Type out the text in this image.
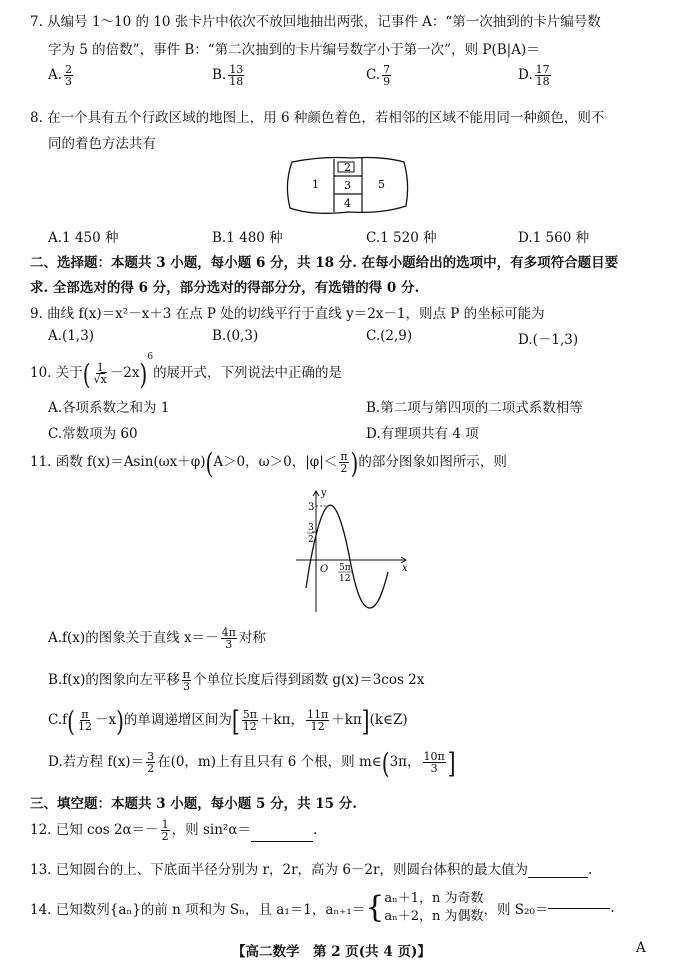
7. 从编号 1～10 的 10 张卡片中依次不放回地抽出两张，记事件 A：“第一次抽到的卡片编号数
字为 5 的倍数”，事件 B：“第二次抽到的卡片编号数字小于第一次”，则 P(B|A)＝
A. $\frac{2}{3}$	B. $\frac{13}{18}$	C. $\frac{7}{9}$	D. $\frac{17}{18}$
8. 在一个具有五个行政区域的地图上，用 6 种颜色着色，若相邻的区域不能用同一种颜色，则不
同的着色方法共有
1
2
3
4
5
A.1 450 种	B.1 480 种	C.1 520 种	D.1 560 种
二、选择题：本题共 3 小题，每小题 6 分，共 18 分. 在每小题给出的选项中，有多项符合题目要
求. 全部选对的得 6 分，部分选对的得部分分，有选错的得 0 分.
9. 曲线 f(x)＝x²－x＋3 在点 P 处的切线平行于直线 y＝2x－1，则点 P 的坐标可能为
A.(1,3)	B.(0,3)	C.(2,9)	D.(－1,3)
10. 关于( $\frac{1}{√x} -2x)^6$的展开式，下列说法中正确的是
A.各项系数之和为 1	B.第二项与第四项的二项式系数相等
C.常数项为 60	D.有理项共有 4 项
11. 函数 f(x)＝Asin(ωx＋φ)(A＞0，ω＞0，$|\varphi|< \frac{\pi}{2}$ )的部分图象如图所示，则
y
x
O
3
3
2
5π
12
A.f(x)的图象关于直线 $x=- \frac{4\pi}{3}$ 对称
B.f(x)的图象向左平移 $\frac{\pi}{3}$ 个单位长度后得到函数 g(x)＝3cos 2x
$C.f( \frac{\pi}{12} -x)$的单调递增区间为[ $\frac{5\pi}{12} +k\pi$， $\frac{11\pi}{12}$ ＋kπ](k∈Z)
D.若方程 $f(x)= \frac{3}{2}$ 在(0，m)上有且只有 6 个根，则 m∈(3π， $\frac{10\pi}{3}$ ]
三、填空题：本题共 3 小题，每小题 5 分，共 15 分.
12. 已知 $\cos 2\alpha=- \frac{1}{2}$ ，则 sin²α＝	.
13. 已知圆台的上、下底面半径分别为 r，2r，高为 6－2r，则圆台体积的最大值为	.
14. 已知数列{aₙ}的前 n 项和为 Sₙ，且 a₁＝1，aₙ₊₁＝{ aₙ＋1，n 为奇数
aₙ＋2，n 为偶数 ，则 S₂₀＝	.
【高二数学　第 2 页(共 4 页)】	A
